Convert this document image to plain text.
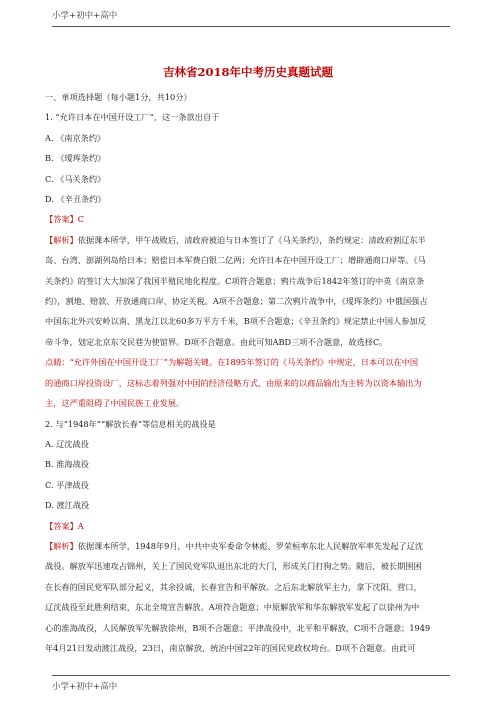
小学+初中+高中
吉林省2018年中考历史真题试题

一、单项选择题（每小题1分，共10分）

1. “允许日本在中国开设工厂”，这一条款出自于

A. 《南京条约》

B. 《瑷珲条约》

C. 《马关条约》

D. 《辛丑条约》

【答案】C

【解析】依据课本所学，甲午战败后，清政府被迫与日本签订了《马关条约》，条约规定：清政府割辽东半

岛、台湾、澎湖列岛给日本；赔偿日本军费白银二亿两；允许日本在中国开设工厂；增辟通商口岸等。《马

关条约》的签订大大加深了我国半殖民地化程度。C项符合题意；鸦片战争后1842年签订的中英《南京条

约》，割地、赔款、开放通商口岸、协定关税。A项不合题意；第二次鸦片战争中，《瑷珲条约》中俄国强占

中国东北外兴安岭以南、黑龙江以北60多万平方千米，B项不合题意；《辛丑条约》规定禁止中国人参加反

帝斗争，划定北京东交民巷为使馆界。D项不合题意。由此可知ABD三项不合题意，故选择C。

点睛：“允许外国在中国开设工厂”为解题关键。在1895年签订的《马关条约》中规定，日本可以在中国

的通商口岸投资设厂，这标志着列强对中国的经济侵略方式，由原来的以商品输出为主转为以资本输出为

主，这严重阻碍了中国民族工业发展。

2. 与“1948年”“解放长春”等信息相关的战役是

A. 辽沈战役

B. 淮海战役

C. 平津战役

D. 渡江战役

【答案】A

【解析】依据课本所学，1948年9月，中共中央军委命令林彪、罗荣桓率东北人民解放军率先发起了辽沈

战役。解放军迅速攻占锦州，关上了国民党军队退出东北的大门，形成关门打狗之势。随后，被长期围困

在长春的国民党军队部分起义，其余投诚，长春宣告和平解放。之后东北解放军主力，拿下沈阳、营口，

辽沈战役至此胜利结束，东北全境宣告解放。A项符合题意；中原解放军和华东解放军发起了以徐州为中

心的淮海战役，人民解放军先解放徐州，B项不合题意；平津战役中，北平和平解放，C项不合题意；1949

年4月21日发动渡江战役，23日，南京解放，统治中国22年的国民党政权垮台。D项不合题意。由此可

小学+初中+高中
